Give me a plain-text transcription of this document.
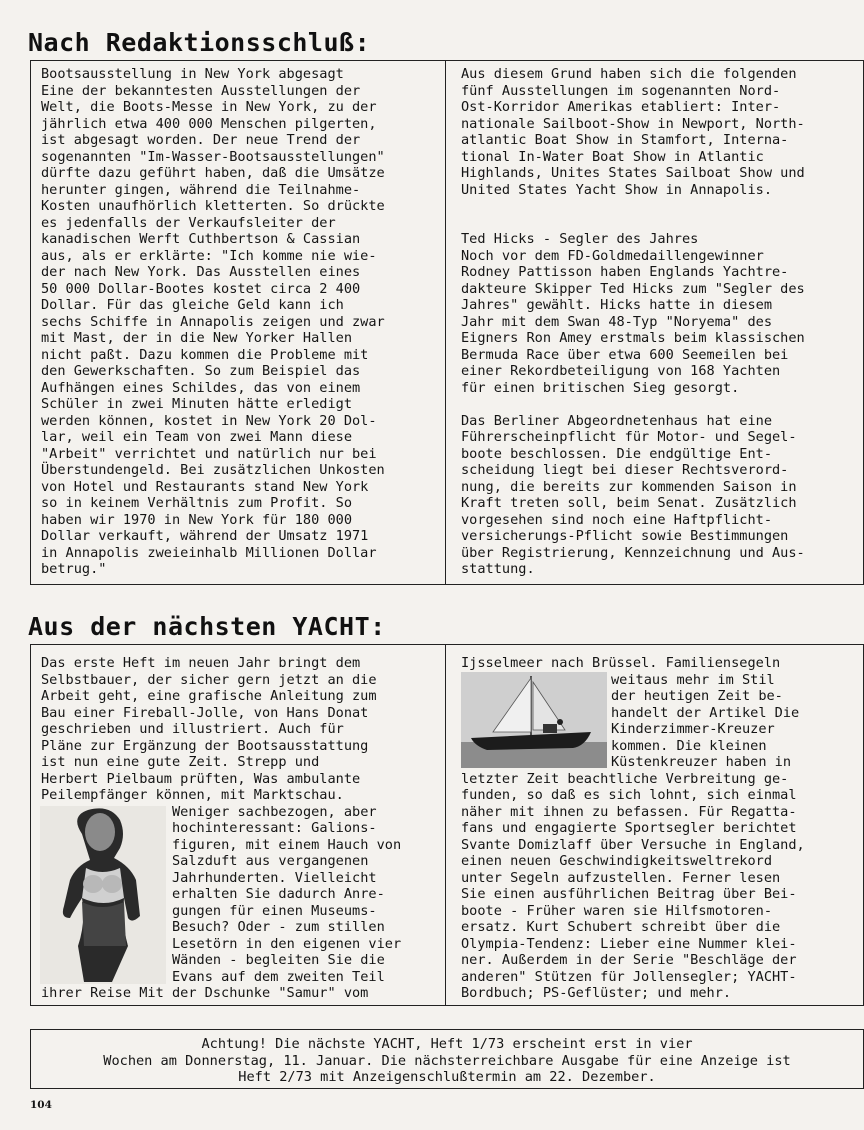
Nach Redaktionsschluß:
Bootsausstellung in New York abgesagt
Eine der bekanntesten Ausstellungen der
Welt, die Boots-Messe in New York, zu der
jährlich etwa 400 000 Menschen pilgerten,
ist abgesagt worden. Der neue Trend der
sogenannten "Im-Wasser-Bootsausstellungen"
dürfte dazu geführt haben, daß die Umsätze
herunter gingen, während die Teilnahme-
Kosten unaufhörlich kletterten. So drückte
es jedenfalls der Verkaufsleiter der
kanadischen Werft Cuthbertson & Cassian
aus, als er erklärte: "Ich komme nie wie-
der nach New York. Das Ausstellen eines
50 000 Dollar-Bootes kostet circa 2 400
Dollar. Für das gleiche Geld kann ich
sechs Schiffe in Annapolis zeigen und zwar
mit Mast, der in die New Yorker Hallen
nicht paßt. Dazu kommen die Probleme mit
den Gewerkschaften. So zum Beispiel das
Aufhängen eines Schildes, das von einem
Schüler in zwei Minuten hätte erledigt
werden können, kostet in New York 20 Dol-
lar, weil ein Team von zwei Mann diese
"Arbeit" verrichtet und natürlich nur bei
Überstundengeld. Bei zusätzlichen Unkosten
von Hotel und Restaurants stand New York
so in keinem Verhältnis zum Profit. So
haben wir 1970 in New York für 180 000
Dollar verkauft, während der Umsatz 1971
in Annapolis zweieinhalb Millionen Dollar
betrug."
Aus diesem Grund haben sich die folgenden
fünf Ausstellungen im sogenannten Nord-
Ost-Korridor Amerikas etabliert: Inter-
nationale Sailboot-Show in Newport, North-
atlantic Boat Show in Stamfort, Interna-
tional In-Water Boat Show in Atlantic
Highlands, Unites States Sailboat Show und
United States Yacht Show in Annapolis.
Ted Hicks - Segler des Jahres
Noch vor dem FD-Goldmedaillengewinner
Rodney Pattisson haben Englands Yachtre-
dakteure Skipper Ted Hicks zum "Segler des
Jahres" gewählt. Hicks hatte in diesem
Jahr mit dem Swan 48-Typ "Noryema" des
Eigners Ron Amey erstmals beim klassischen
Bermuda Race über etwa 600 Seemeilen bei
einer Rekordbeteiligung von 168 Yachten
für einen britischen Sieg gesorgt.
Das Berliner Abgeordnetenhaus hat eine
Führerscheinpflicht für Motor- und Segel-
boote beschlossen. Die endgültige Ent-
scheidung liegt bei dieser Rechtsverord-
nung, die bereits zur kommenden Saison in
Kraft treten soll, beim Senat. Zusätzlich
vorgesehen sind noch eine Haftpflicht-
versicherungs-Pflicht sowie Bestimmungen
über Registrierung, Kennzeichnung und Aus-
stattung.
Aus der nächsten YACHT:
Das erste Heft im neuen Jahr bringt dem
Selbstbauer, der sicher gern jetzt an die
Arbeit geht, eine grafische Anleitung zum
Bau einer Fireball-Jolle, von Hans Donat
geschrieben und illustriert. Auch für
Pläne zur Ergänzung der Bootsausstattung
ist nun eine gute Zeit. Strepp und
Herbert Pielbaum prüften, Was ambulante
Peilempfänger können, mit Marktschau.
Weniger sachbezogen, aber
hochinteressant: Galions-
figuren, mit einem Hauch von
Salzduft aus vergangenen
Jahrhunderten. Vielleicht
erhalten Sie dadurch Anre-
gungen für einen Museums-
Besuch? Oder - zum stillen
Lesetörn in den eigenen vier
Wänden - begleiten Sie die
Evans auf dem zweiten Teil
ihrer Reise Mit der Dschunke "Samur" vom
Ijsselmeer nach Brüssel. Familiensegeln
weitaus mehr im Stil
der heutigen Zeit be-
handelt der Artikel Die
Kinderzimmer-Kreuzer
kommen. Die kleinen
Küstenkreuzer haben in
letzter Zeit beachtliche Verbreitung ge-
funden, so daß es sich lohnt, sich einmal
näher mit ihnen zu befassen. Für Regatta-
fans und engagierte Sportsegler berichtet
Svante Domizlaff über Versuche in England,
einen neuen Geschwindigkeitsweltrekord
unter Segeln aufzustellen. Ferner lesen
Sie einen ausführlichen Beitrag über Bei-
boote - Früher waren sie Hilfsmotoren-
ersatz. Kurt Schubert schreibt über die
Olympia-Tendenz: Lieber eine Nummer klei-
ner. Außerdem in der Serie "Beschläge der
anderen" Stützen für Jollensegler; YACHT-
Bordbuch; PS-Geflüster; und mehr.
Achtung! Die nächste YACHT, Heft 1/73 erscheint erst in vier
Wochen am Donnerstag, 11. Januar. Die nächsterreichbare Ausgabe für eine Anzeige ist
Heft 2/73 mit Anzeigenschlußtermin am 22. Dezember.
104
